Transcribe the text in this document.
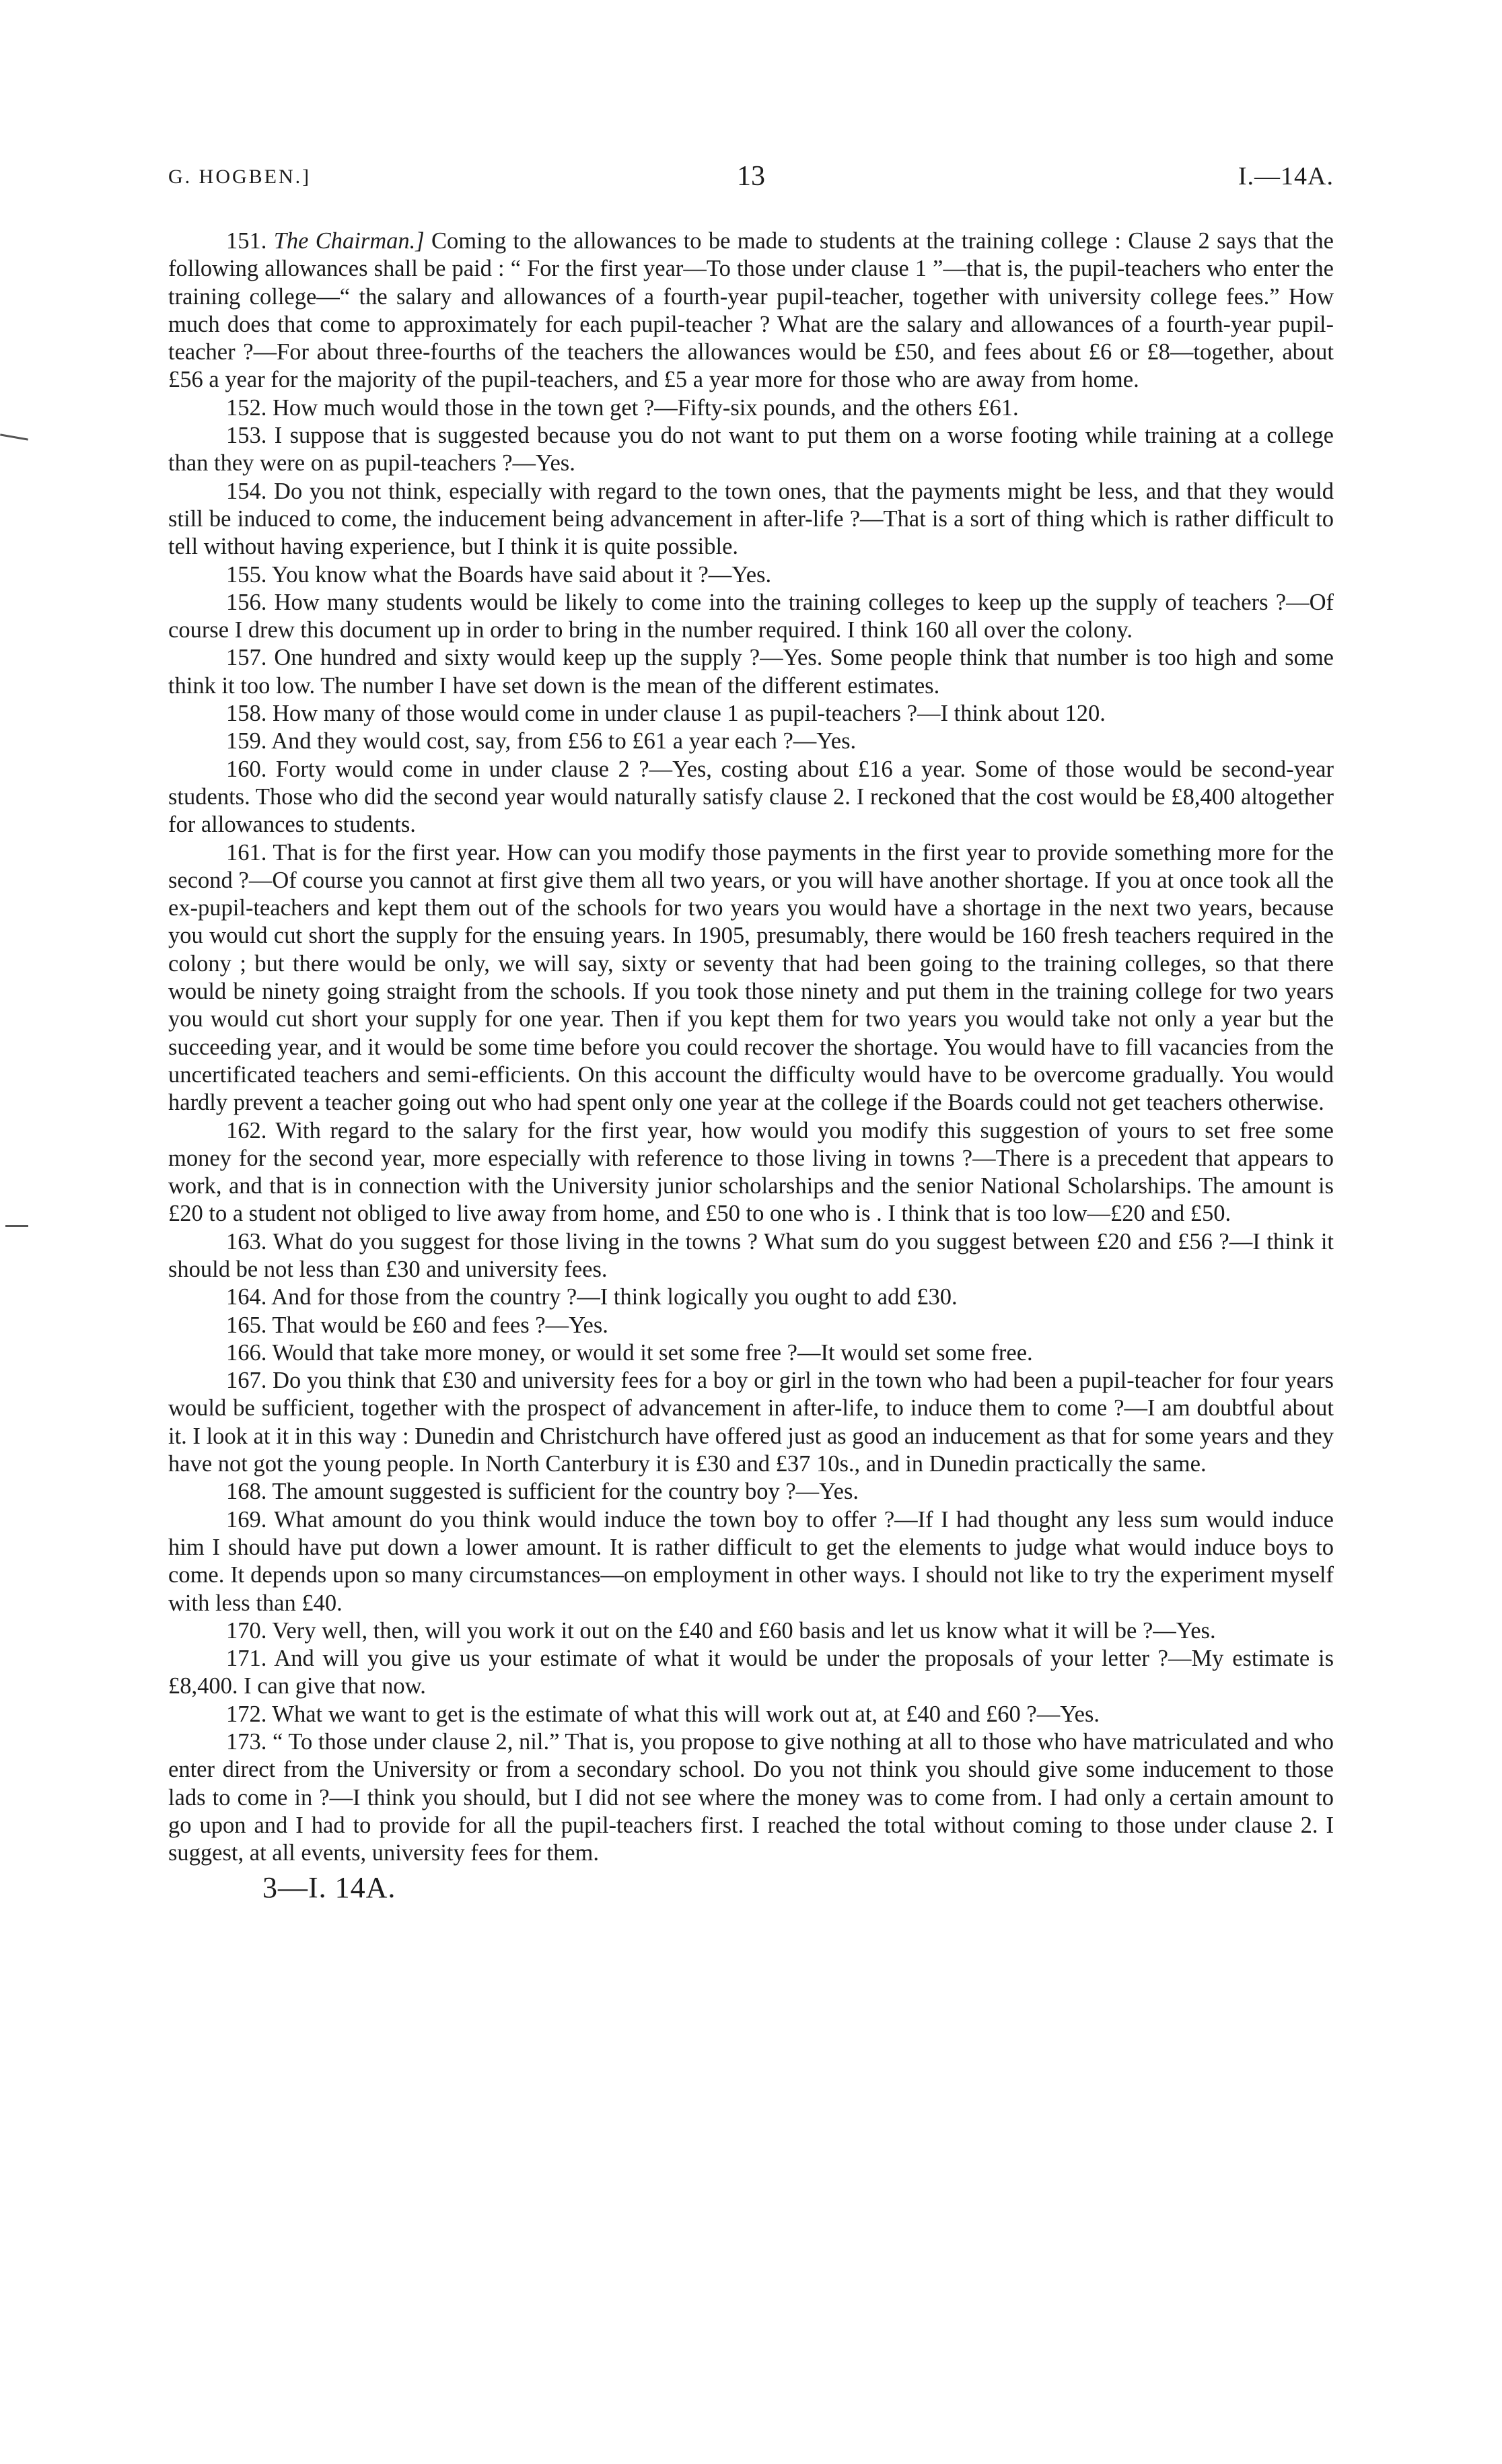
G. HOGBEN.]	13	I.—14A.

151. The Chairman.] Coming to the allowances to be made to students at the training college : Clause 2 says that the following allowances shall be paid : “ For the first year—To those under clause 1 ”—that is, the pupil-teachers who enter the training college—“ the salary and allowances of a fourth-year pupil-teacher, together with university college fees.” How much does that come to approximately for each pupil-teacher ? What are the salary and allowances of a fourth-year pupil-teacher ?—For about three-fourths of the teachers the allowances would be £50, and fees about £6 or £8—together, about £56 a year for the majority of the pupil-teachers, and £5 a year more for those who are away from home.

152. How much would those in the town get ?—Fifty-six pounds, and the others £61.

153. I suppose that is suggested because you do not want to put them on a worse footing while training at a college than they were on as pupil-teachers ?—Yes.

154. Do you not think, especially with regard to the town ones, that the payments might be less, and that they would still be induced to come, the inducement being advancement in after-life ?—That is a sort of thing which is rather difficult to tell without having experience, but I think it is quite possible.

155. You know what the Boards have said about it ?—Yes.

156. How many students would be likely to come into the training colleges to keep up the supply of teachers ?—Of course I drew this document up in order to bring in the number required. I think 160 all over the colony.

157. One hundred and sixty would keep up the supply ?—Yes. Some people think that number is too high and some think it too low. The number I have set down is the mean of the different estimates.

158. How many of those would come in under clause 1 as pupil-teachers ?—I think about 120.

159. And they would cost, say, from £56 to £61 a year each ?—Yes.

160. Forty would come in under clause 2 ?—Yes, costing about £16 a year. Some of those would be second-year students. Those who did the second year would naturally satisfy clause 2. I reckoned that the cost would be £8,400 altogether for allowances to students.

161. That is for the first year. How can you modify those payments in the first year to provide something more for the second ?—Of course you cannot at first give them all two years, or you will have another shortage. If you at once took all the ex-pupil-teachers and kept them out of the schools for two years you would have a shortage in the next two years, because you would cut short the supply for the ensuing years. In 1905, presumably, there would be 160 fresh teachers required in the colony ; but there would be only, we will say, sixty or seventy that had been going to the training colleges, so that there would be ninety going straight from the schools. If you took those ninety and put them in the training college for two years you would cut short your supply for one year. Then if you kept them for two years you would take not only a year but the succeeding year, and it would be some time before you could recover the shortage. You would have to fill vacancies from the uncertificated teachers and semi-efficients. On this account the difficulty would have to be overcome gradually. You would hardly prevent a teacher going out who had spent only one year at the college if the Boards could not get teachers otherwise.

162. With regard to the salary for the first year, how would you modify this suggestion of yours to set free some money for the second year, more especially with reference to those living in towns ?—There is a precedent that appears to work, and that is in connection with the University junior scholarships and the senior National Scholarships. The amount is £20 to a student not obliged to live away from home, and £50 to one who is . I think that is too low—£20 and £50.

163. What do you suggest for those living in the towns ? What sum do you suggest between £20 and £56 ?—I think it should be not less than £30 and university fees.

164. And for those from the country ?—I think logically you ought to add £30.

165. That would be £60 and fees ?—Yes.

166. Would that take more money, or would it set some free ?—It would set some free.

167. Do you think that £30 and university fees for a boy or girl in the town who had been a pupil-teacher for four years would be sufficient, together with the prospect of advancement in after-life, to induce them to come ?—I am doubtful about it. I look at it in this way : Dunedin and Christchurch have offered just as good an inducement as that for some years and they have not got the young people. In North Canterbury it is £30 and £37 10s., and in Dunedin practically the same.

168. The amount suggested is sufficient for the country boy ?—Yes.

169. What amount do you think would induce the town boy to offer ?—If I had thought any less sum would induce him I should have put down a lower amount. It is rather difficult to get the elements to judge what would induce boys to come. It depends upon so many circumstances—on employment in other ways. I should not like to try the experiment myself with less than £40.

170. Very well, then, will you work it out on the £40 and £60 basis and let us know what it will be ?—Yes.

171. And will you give us your estimate of what it would be under the proposals of your letter ?—My estimate is £8,400. I can give that now.

172. What we want to get is the estimate of what this will work out at, at £40 and £60 ?—Yes.

173. “ To those under clause 2, nil.” That is, you propose to give nothing at all to those who have matriculated and who enter direct from the University or from a secondary school. Do you not think you should give some inducement to those lads to come in ?—I think you should, but I did not see where the money was to come from. I had only a certain amount to go upon and I had to provide for all the pupil-teachers first. I reached the total without coming to those under clause 2. I suggest, at all events, university fees for them.

3—I. 14A.
